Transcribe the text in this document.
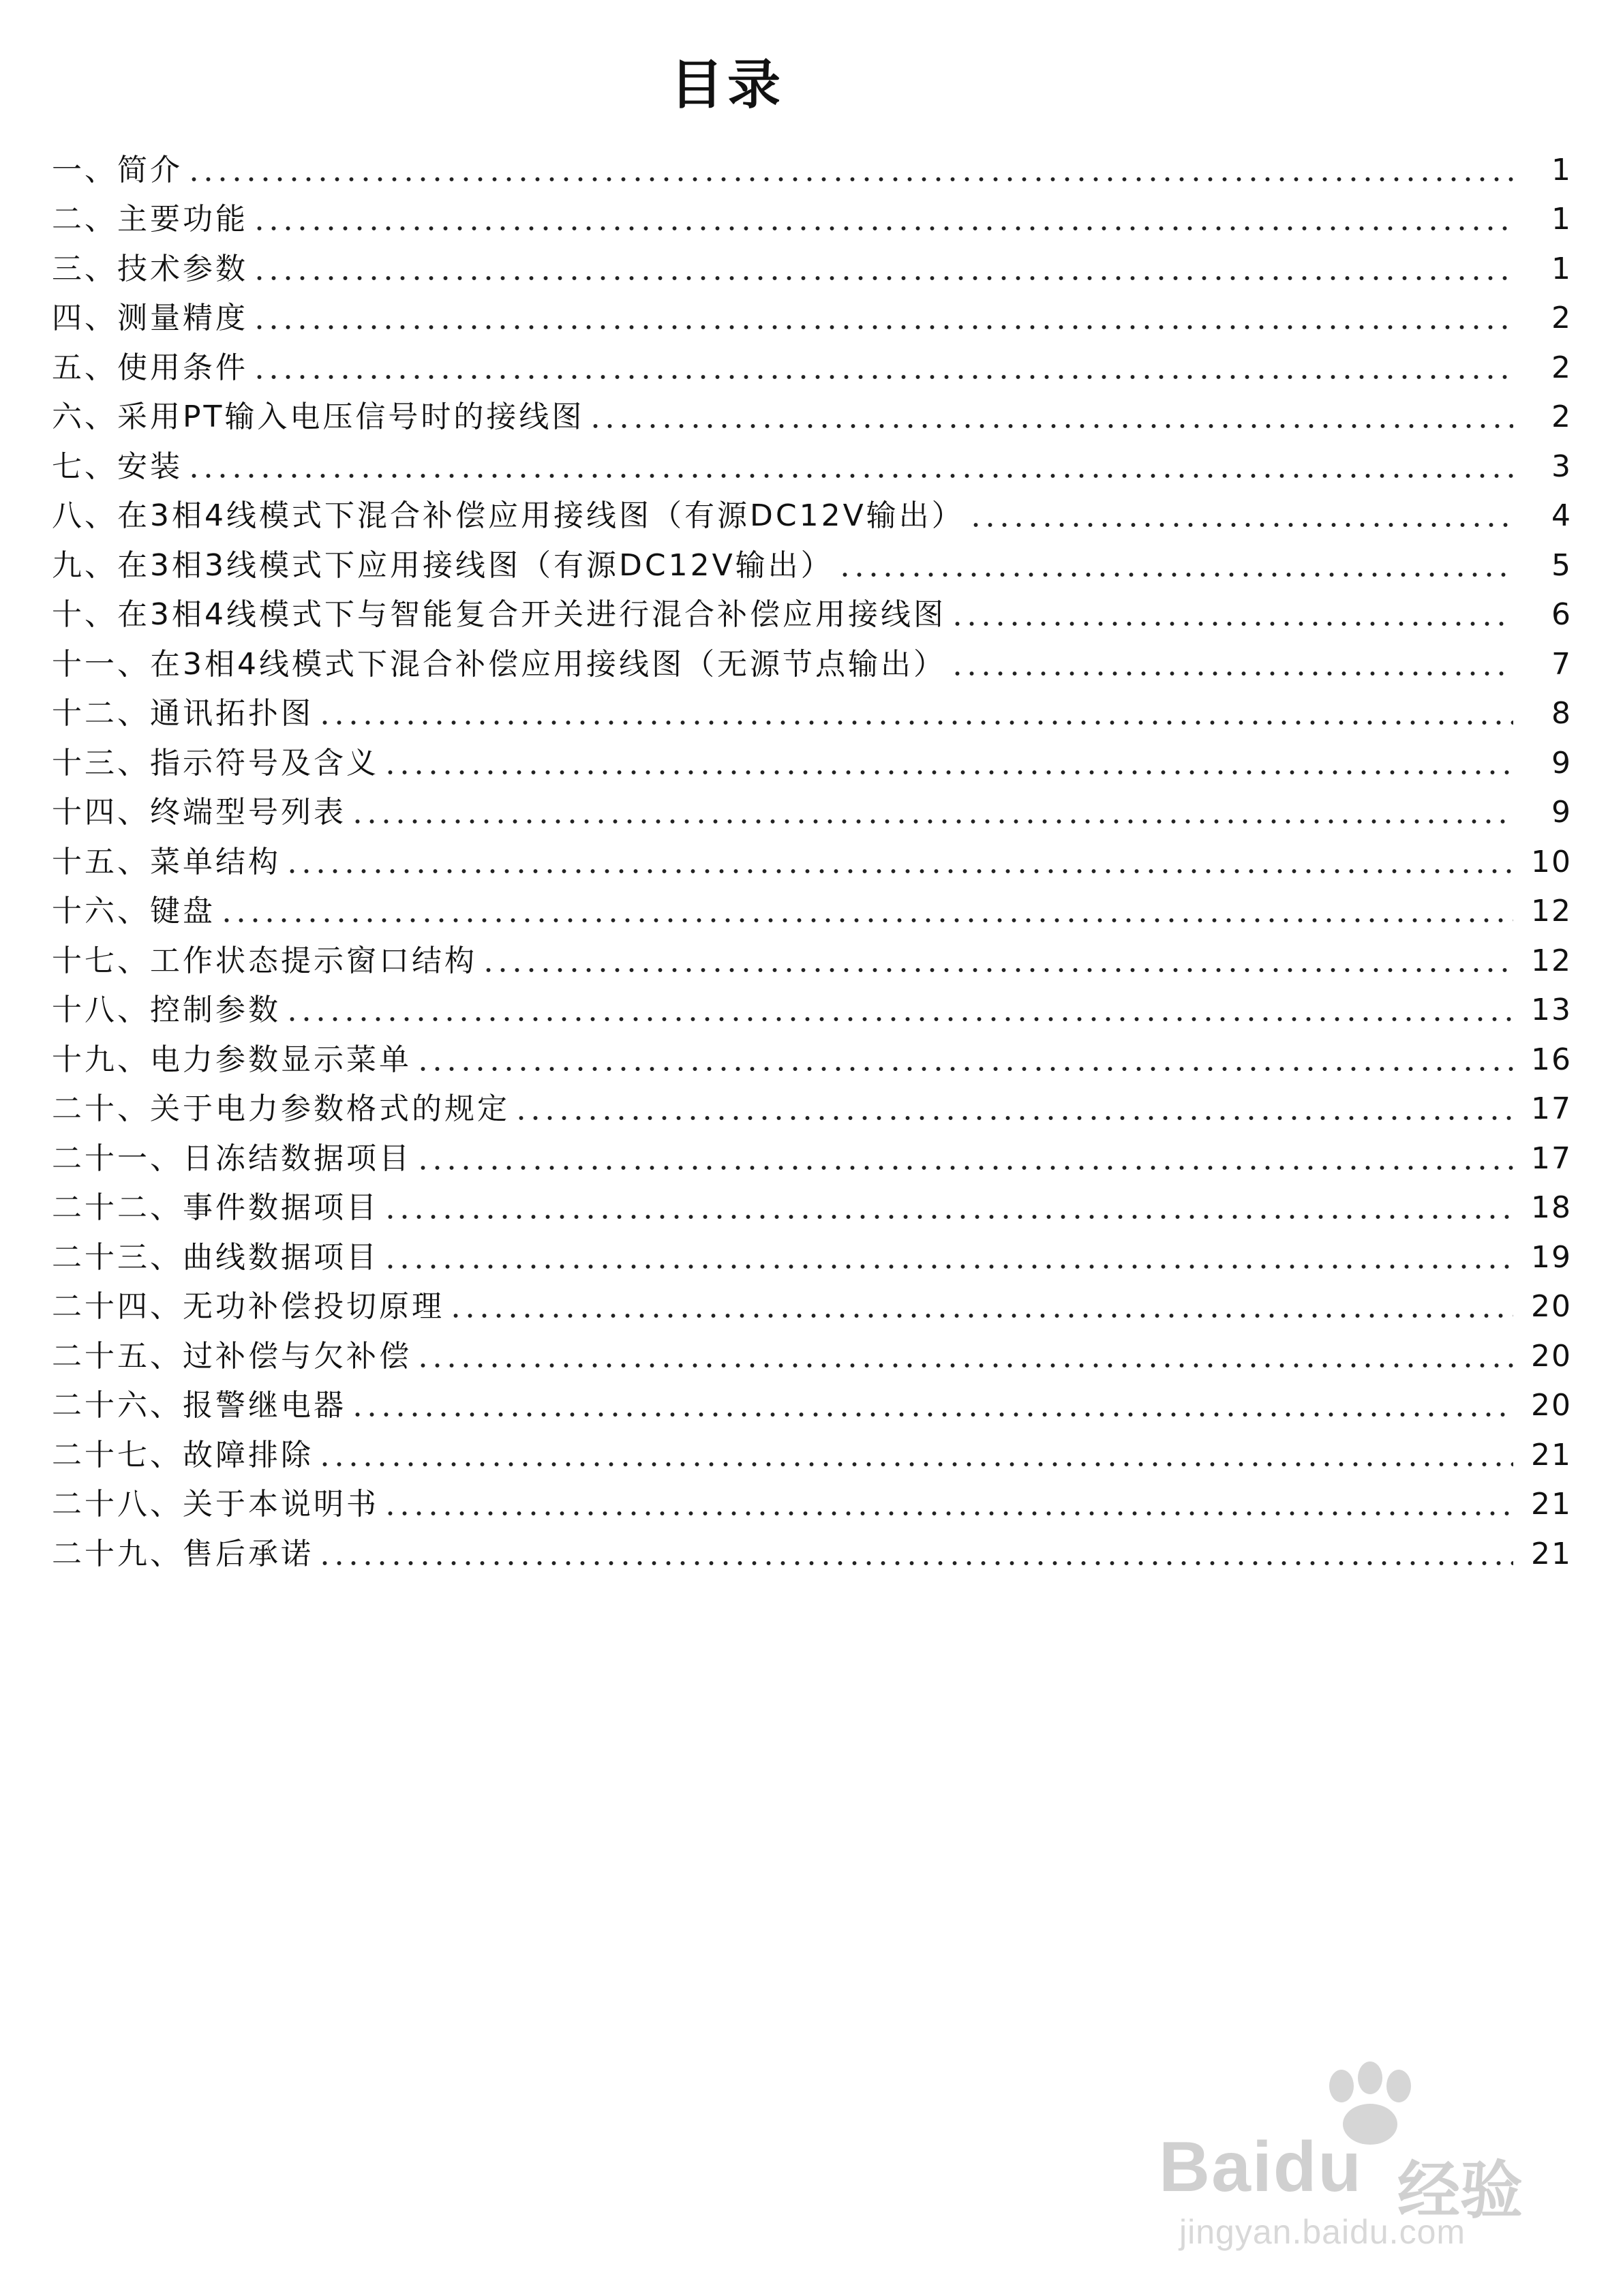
目录
一、简介	1
二、主要功能	1
三、技术参数	1
四、测量精度	2
五、使用条件	2
六、采用PT输入电压信号时的接线图	2
七、安装	3
八、在3相4线模式下混合补偿应用接线图（有源DC12V输出）	4
九、在3相3线模式下应用接线图（有源DC12V输出）	5
十、在3相4线模式下与智能复合开关进行混合补偿应用接线图	6
十一、在3相4线模式下混合补偿应用接线图（无源节点输出）	7
十二、通讯拓扑图	8
十三、指示符号及含义	9
十四、终端型号列表	9
十五、菜单结构	10
十六、键盘	12
十七、工作状态提示窗口结构	12
十八、控制参数	13
十九、电力参数显示菜单	16
二十、关于电力参数格式的规定	17
二十一、日冻结数据项目	17
二十二、事件数据项目	18
二十三、曲线数据项目	19
二十四、无功补偿投切原理	20
二十五、过补偿与欠补偿	20
二十六、报警继电器	20
二十七、故障排除	21
二十八、关于本说明书	21
二十九、售后承诺	21
Baidu 经验
jingyan.baidu.com
